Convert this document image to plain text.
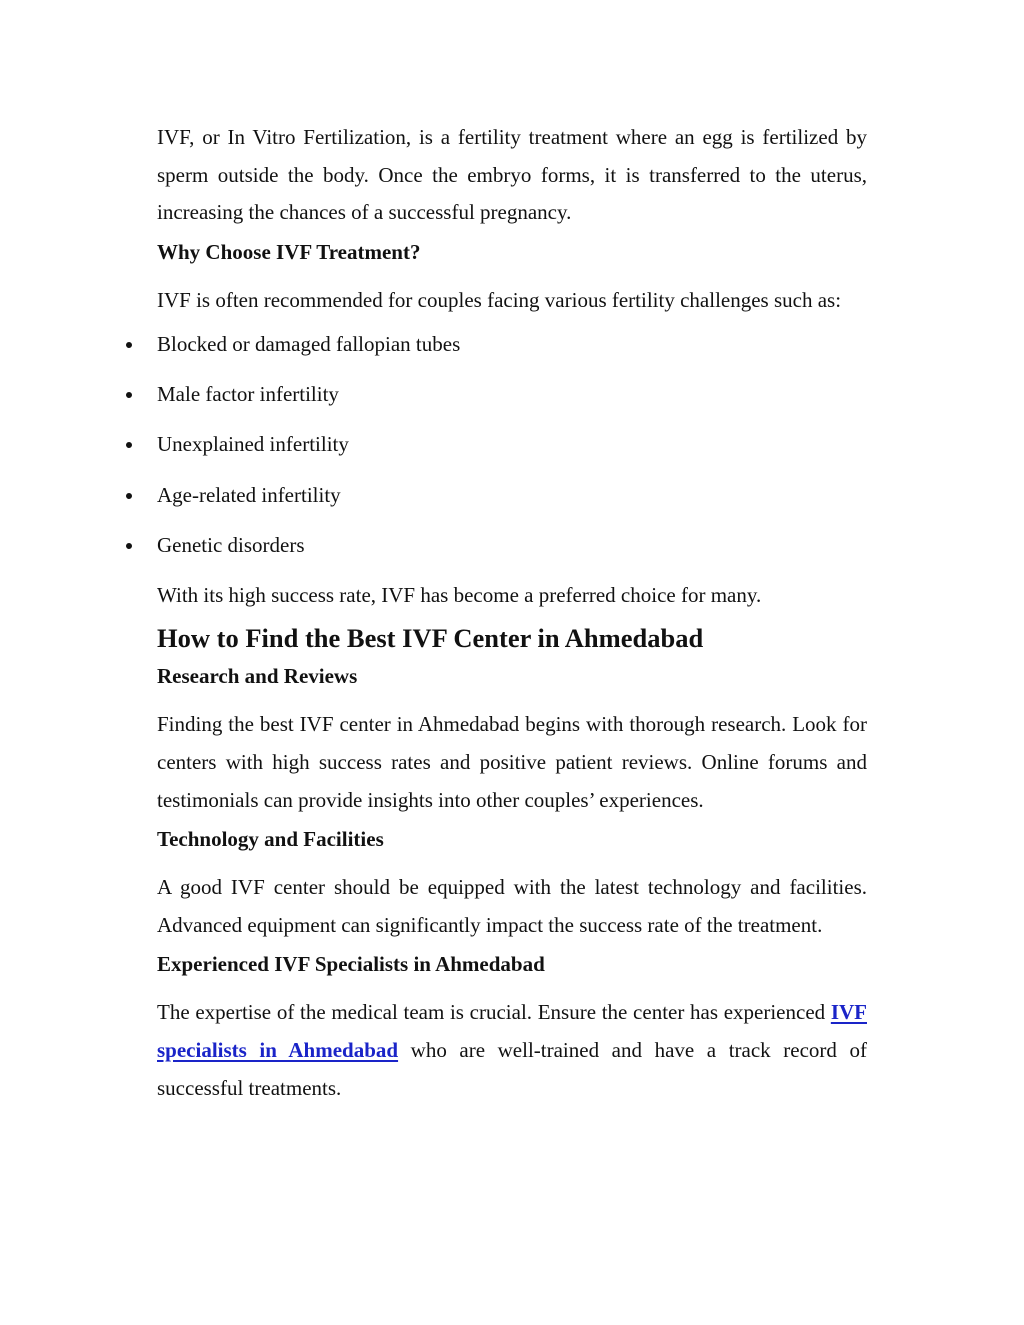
IVF, or In Vitro Fertilization, is a fertility treatment where an egg is fertilized by sperm outside the body. Once the embryo forms, it is transferred to the uterus, increasing the chances of a successful pregnancy.

Why Choose IVF Treatment?

IVF is often recommended for couples facing various fertility challenges such as:

Blocked or damaged fallopian tubes
Male factor infertility
Unexplained infertility
Age-related infertility
Genetic disorders

With its high success rate, IVF has become a preferred choice for many.

How to Find the Best IVF Center in Ahmedabad

Research and Reviews

Finding the best IVF center in Ahmedabad begins with thorough research. Look for centers with high success rates and positive patient reviews. Online forums and testimonials can provide insights into other couples’ experiences.

Technology and Facilities

A good IVF center should be equipped with the latest technology and facilities. Advanced equipment can significantly impact the success rate of the treatment.

Experienced IVF Specialists in Ahmedabad

The expertise of the medical team is crucial. Ensure the center has experienced IVF specialists in Ahmedabad who are well-trained and have a track record of successful treatments.
